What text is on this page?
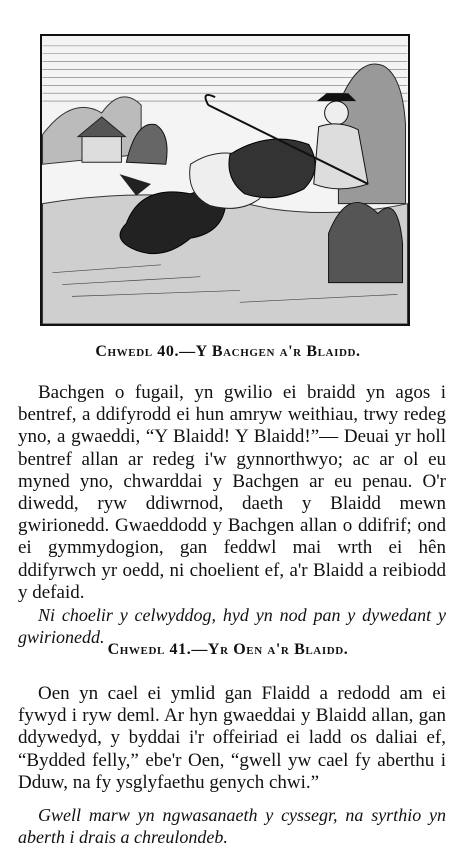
Chwedl 40.—Y Bachgen a'r Blaidd.
Bachgen o fugail, yn gwilio ei braidd yn agos i bentref, a ddifyrodd ei hun amryw weithiau, trwy redeg yno, a gwaeddi, “Y Blaidd! Y Blaidd!”— Deuai yr holl bentref allan ar redeg i'w gynnorthwyo; ac ar ol eu myned yno, chwarddai y Bachgen ar eu penau. O'r diwedd, ryw ddiwrnod, daeth y Blaidd mewn gwirionedd. Gwaeddodd y Bachgen allan o ddifrif; ond ei gymmydogion, gan feddwl mai wrth ei hên ddifyrwch yr oedd, ni choelient ef, a'r Blaidd a reibiodd y defaid.
Ni choelir y celwyddog, hyd yn nod pan y dywedant y gwirionedd.
Chwedl 41.—Yr Oen a'r Blaidd.
Oen yn cael ei ymlid gan Flaidd a redodd am ei fywyd i ryw deml. Ar hyn gwaeddai y Blaidd allan, gan ddywedyd, y byddai i'r offeiriad ei ladd os daliai ef, “Bydded felly,” ebe'r Oen, “gwell yw cael fy aberthu i Dduw, na fy ysglyfaethu genych chwi.”
Gwell marw yn ngwasanaeth y cyssegr, na syrthio yn aberth i drais a chreulondeb.
